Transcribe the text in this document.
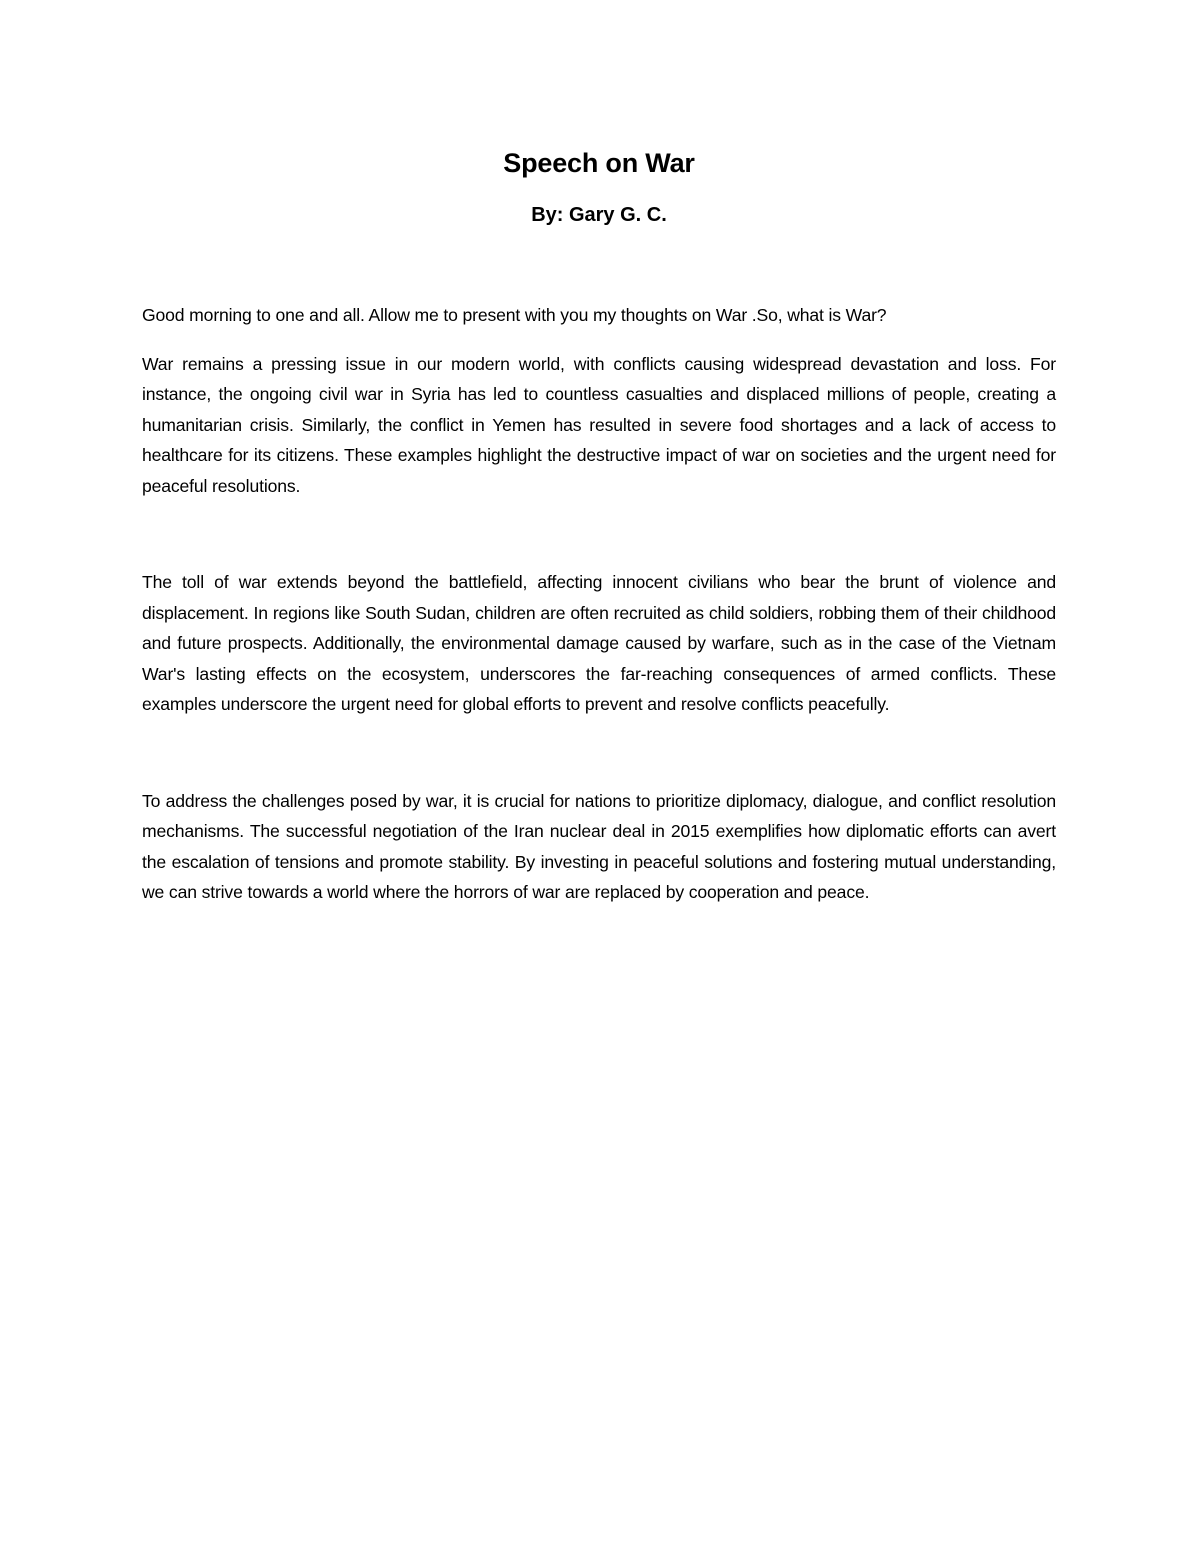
Speech on War
By: Gary G. C.

Good morning to one and all. Allow me to present with you my thoughts on War .So, what is War?

War remains a pressing issue in our modern world, with conflicts causing widespread devastation and loss. For instance, the ongoing civil war in Syria has led to countless casualties and displaced millions of people, creating a humanitarian crisis. Similarly, the conflict in Yemen has resulted in severe food shortages and a lack of access to healthcare for its citizens. These examples highlight the destructive impact of war on societies and the urgent need for peaceful resolutions.

The toll of war extends beyond the battlefield, affecting innocent civilians who bear the brunt of violence and displacement. In regions like South Sudan, children are often recruited as child soldiers, robbing them of their childhood and future prospects. Additionally, the environmental damage caused by warfare, such as in the case of the Vietnam War's lasting effects on the ecosystem, underscores the far-reaching consequences of armed conflicts. These examples underscore the urgent need for global efforts to prevent and resolve conflicts peacefully.

To address the challenges posed by war, it is crucial for nations to prioritize diplomacy, dialogue, and conflict resolution mechanisms. The successful negotiation of the Iran nuclear deal in 2015 exemplifies how diplomatic efforts can avert the escalation of tensions and promote stability. By investing in peaceful solutions and fostering mutual understanding, we can strive towards a world where the horrors of war are replaced by cooperation and peace.
